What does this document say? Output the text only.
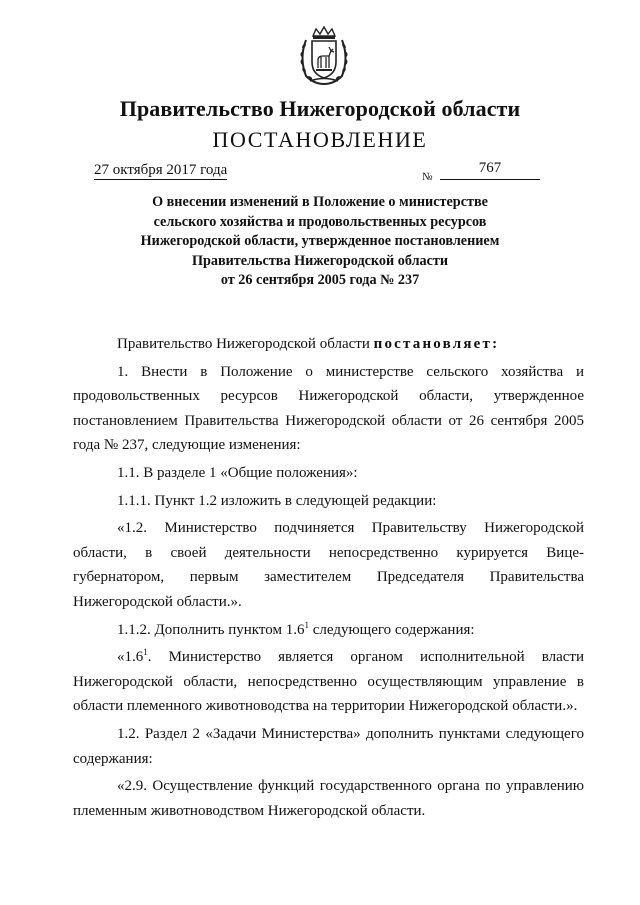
Правительство Нижегородской области
ПОСТАНОВЛЕНИЕ
27 октября 2017 года	№
767
О внесении изменений в Положение о министерстве
сельского хозяйства и продовольственных ресурсов
Нижегородской области, утвержденное постановлением
Правительства Нижегородской области
от 26 сентября 2005 года № 237

Правительство Нижегородской области постановляет:

1. Внести в Положение о министерстве сельского хозяйства и продовольственных ресурсов Нижегородской области, утвержденное постановлением Правительства Нижегородской области от 26 сентября 2005 года № 237, следующие изменения:

1.1. В разделе 1 «Общие положения»:

1.1.1. Пункт 1.2 изложить в следующей редакции:

«1.2. Министерство подчиняется Правительству Нижегородской области, в своей деятельности непосредственно курируется Вице-губернатором, первым заместителем Председателя Правительства Нижегородской области.».

1.1.2. Дополнить пунктом $1.6^1$ следующего содержания:

«$1.6^1$. Министерство является органом исполнительной власти Нижегородской области, непосредственно осуществляющим управление в области племенного животноводства на территории Нижегородской области.».

1.2. Раздел 2 «Задачи Министерства» дополнить пунктами следующего содержания:

«2.9. Осуществление функций государственного органа по управлению племенным животноводством Нижегородской области.
